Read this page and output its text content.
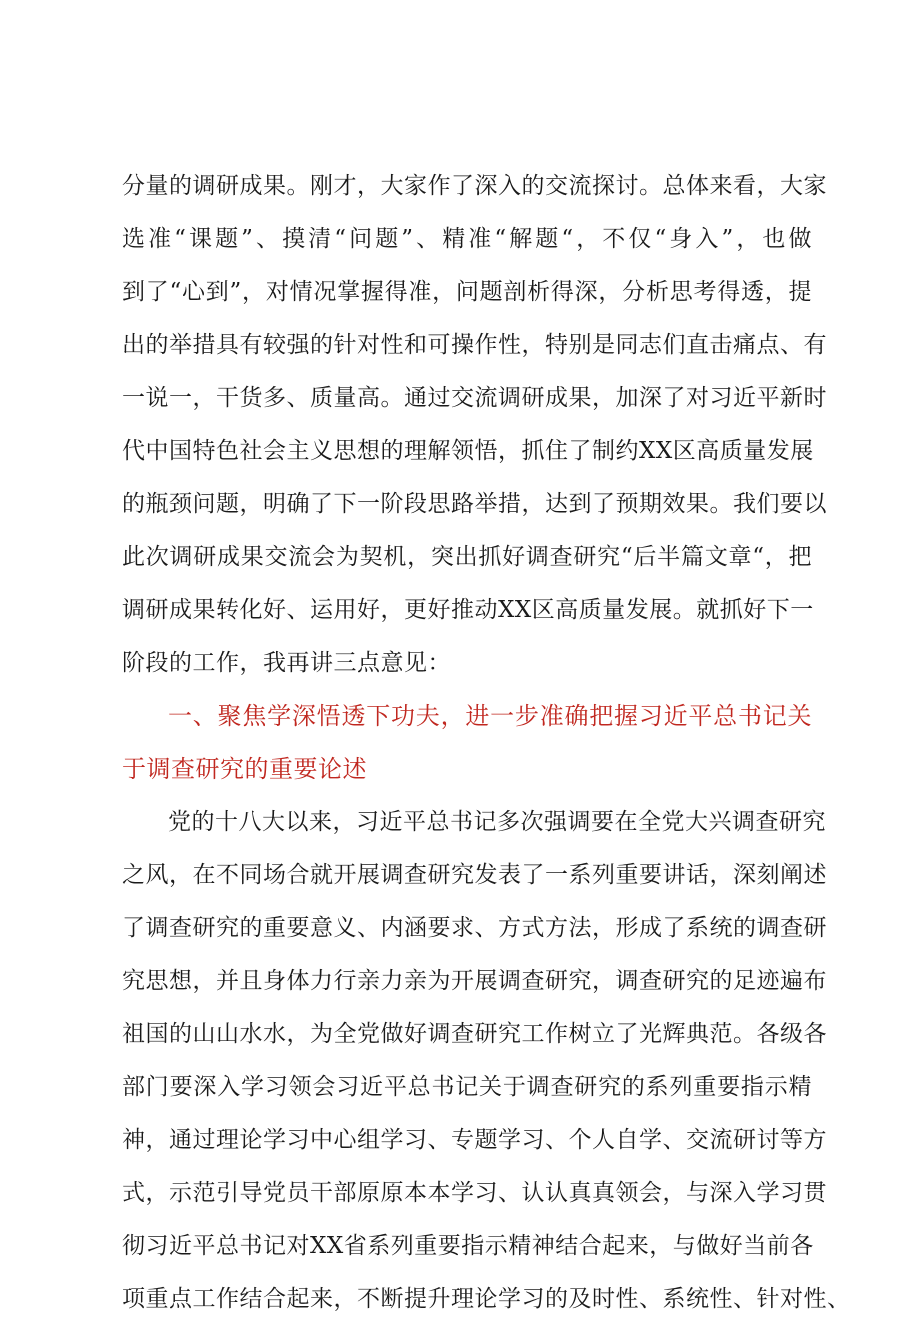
分量的调研成果。刚才，大家作了深入的交流探讨。总体来看，大家
选准“课题”、摸清“问题”、精准“解题“，不仅“身入”，也做
到了“心到”，对情况掌握得准，问题剖析得深，分析思考得透，提
出的举措具有较强的针对性和可操作性，特别是同志们直击痛点、有
一说一，干货多、质量高。通过交流调研成果，加深了对习近平新时
代中国特色社会主义思想的理解领悟，抓住了制约XX区高质量发展
的瓶颈问题，明确了下一阶段思路举措，达到了预期效果。我们要以
此次调研成果交流会为契机，突出抓好调查研究“后半篇文章“，把
调研成果转化好、运用好，更好推动XX区高质量发展。就抓好下一
阶段的工作，我再讲三点意见：
一、聚焦学深悟透下功夫，进一步准确把握习近平总书记关
于调查研究的重要论述
党的十八大以来，习近平总书记多次强调要在全党大兴调查研究
之风，在不同场合就开展调查研究发表了一系列重要讲话，深刻阐述
了调查研究的重要意义、内涵要求、方式方法，形成了系统的调查研
究思想，并且身体力行亲力亲为开展调查研究，调查研究的足迹遍布
祖国的山山水水，为全党做好调查研究工作树立了光辉典范。各级各
部门要深入学习领会习近平总书记关于调查研究的系列重要指示精
神，通过理论学习中心组学习、专题学习、个人自学、交流研讨等方
式，示范引导党员干部原原本本学习、认认真真领会，与深入学习贯
彻习近平总书记对XX省系列重要指示精神结合起来，与做好当前各
项重点工作结合起来，不断提升理论学习的及时性、系统性、针对性、
